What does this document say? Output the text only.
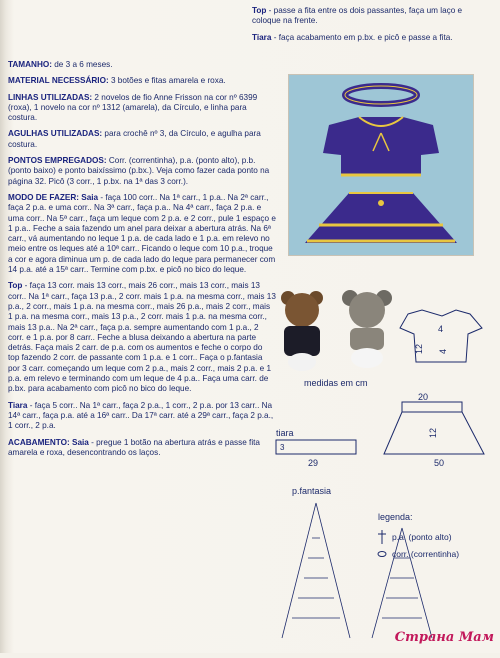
Top - passe a fita entre os dois passantes, faça um laço e coloque na frente.

Tiara - faça acabamento em p.bx. e picô e passe a fita.

TAMANHO: de 3 a 6 meses.

MATERIAL NECESSÁRIO: 3 botões e fitas amarela e roxa.

LINHAS UTILIZADAS: 2 novelos de fio Anne Frisson na cor nº 6399 (roxa), 1 novelo na cor nº 1312 (amarela), da Círculo, e linha para costura.

AGULHAS UTILIZADAS: para crochê nº 3, da Círculo, e agulha para costura.

PONTOS EMPREGADOS: Corr. (correntinha), p.a. (ponto alto), p.b. (ponto baixo) e ponto baixíssimo (p.bx.). Veja como fazer cada ponto na página 32. Picô (3 corr., 1 p.bx. na 1ª das 3 corr.).

MODO DE FAZER: Saia - faça 100 corr.. Na 1ª carr., 1 p.a.. Na 2ª carr., faça 2 p.a. e uma corr.. Na 3ª carr., faça p.a.. Na 4ª carr., faça 2 p.a. e uma corr.. Na 5ª carr., faça um leque com 2 p.a. e 2 corr., pule 1 espaço e 1 p.a.. Feche a saia fazendo um anel para deixar a abertura atrás. Na 6ª carr., vá aumentando no leque 1 p.a. de cada lado e 1 p.a. em relevo no meio entre os leques até a 10ª carr.. Ficando o leque com 10 p.a., troque a cor e agora diminua um p. de cada lado do leque para permanecer com 14 p.a. até a 15ª carr.. Termine com p.bx. e picô no bico do leque.

Top - faça 13 corr. mais 13 corr., mais 26 corr., mais 13 corr., mais 13 corr.. Na 1ª carr., faça 13 p.a., 2 corr. mais 1 p.a. na mesma corr., mais 13 p.a., 2 corr., mais 1 p.a. na mesma corr., mais 26 p.a., mais 2 corr., mais 1 p.a. na mesma corr., mais 13 p.a., 2 corr. mais 1 p.a. na mesma corr., mais 13 p.a.. Na 2ª carr., faça p.a. sempre aumentando com 1 p.a., 2 corr. e 1 p.a. por 8 carr.. Feche a blusa deixando a abertura na parte detrás. Faça mais 2 carr. de p.a. com os aumentos e feche o corpo do top fazendo 2 corr. de passante com 1 p.a. e 1 corr.. Faça o p.fantasia por 3 carr. começando um leque com 2 p.a., mais 2 corr., mais 2 p.a. e 1 p.a. em relevo e terminando com um leque de 4 p.a.. Faça uma carr. de p.bx. para acabamento com picô no bico do leque.

Tiara - faça 5 corr.. Na 1ª carr., faça 2 p.a., 1 corr., 2 p.a. por 13 carr.. Na 14ª carr., faça p.a. até a 16ª carr.. Da 17ª carr. até a 29ª carr., faça 2 p.a., 1 corr., 2 p.a.

ACABAMENTO: Saia - pregue 1 botão na abertura atrás e passe fita amarela e roxa, desencontrando os laços.

4
12 4
medidas em cm
tiara
3
29
20
12
50
p.fantasia
legenda:
p.a. (ponto alto)
corr. (correntinha)
Страна Мам
